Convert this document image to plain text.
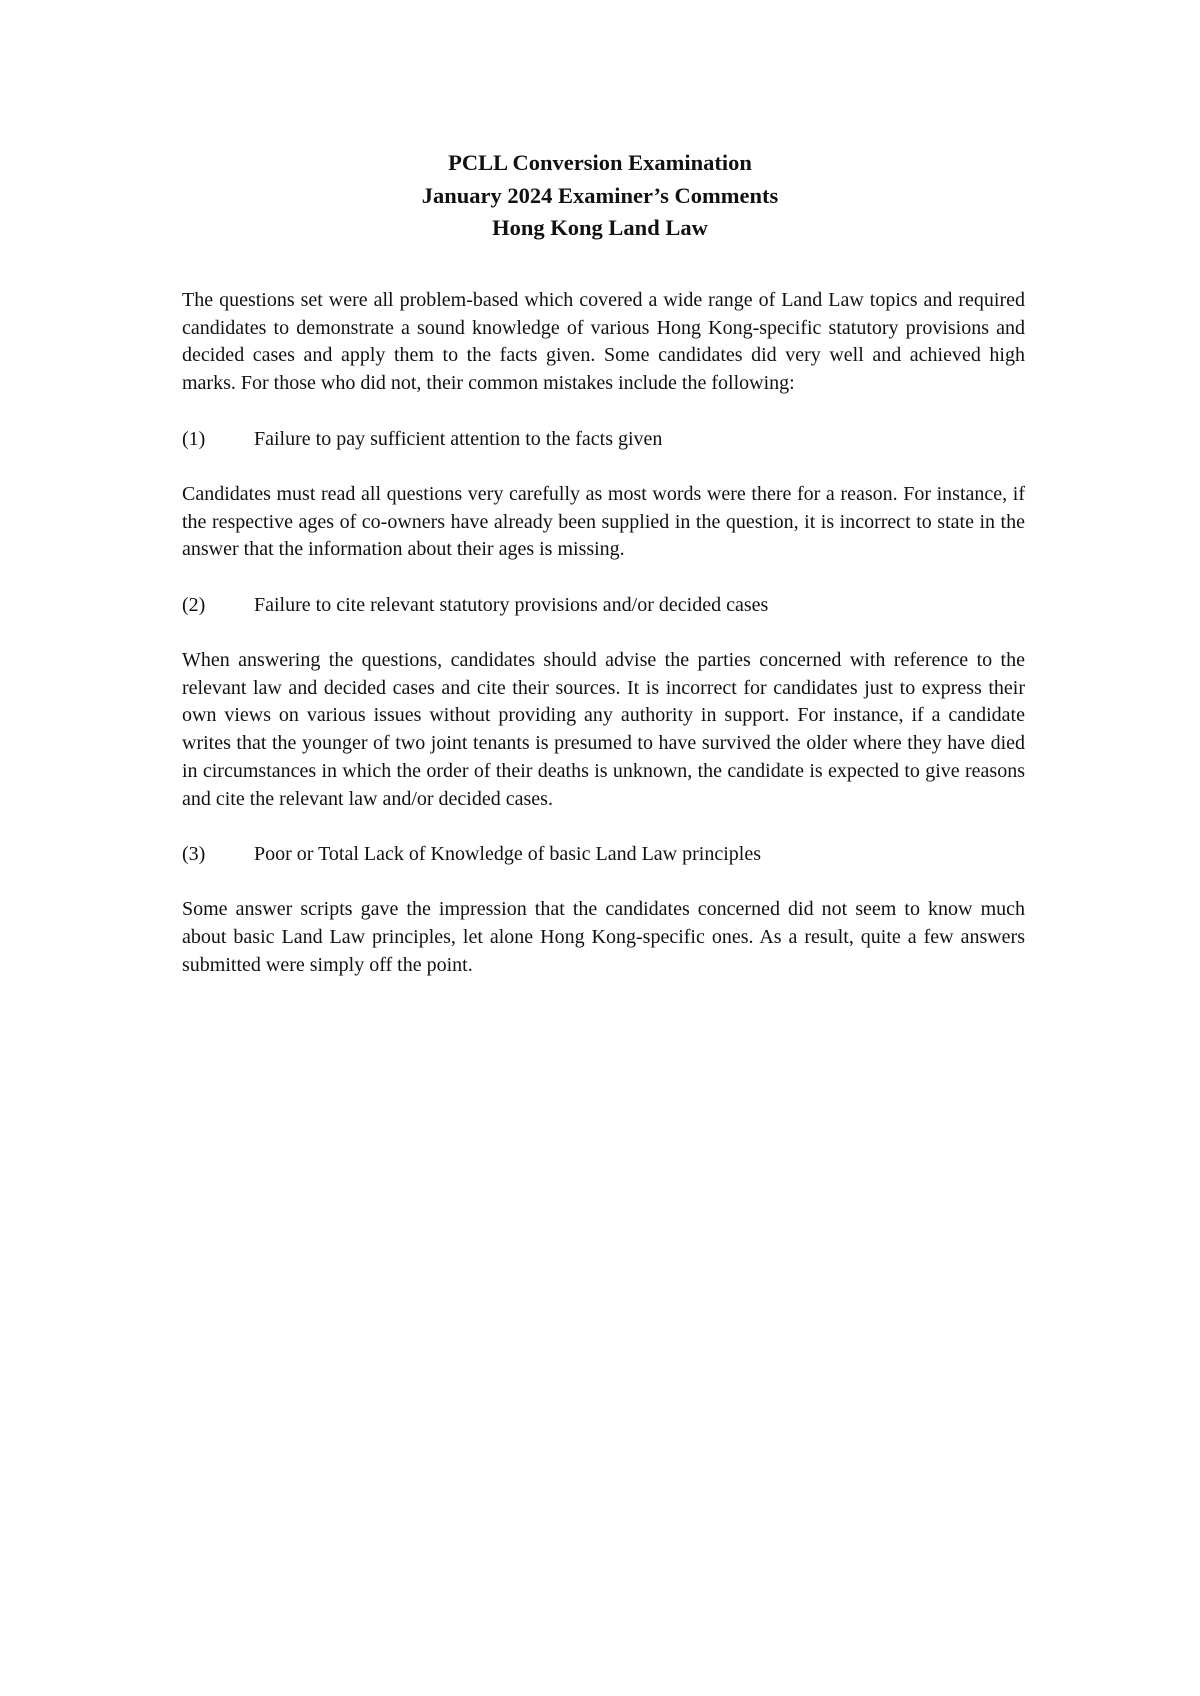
PCLL Conversion Examination
January 2024 Examiner’s Comments
Hong Kong Land Law

The questions set were all problem-based which covered a wide range of Land Law topics and required candidates to demonstrate a sound knowledge of various Hong Kong-specific statutory provisions and decided cases and apply them to the facts given. Some candidates did very well and achieved high marks. For those who did not, their common mistakes include the following:

(1) Failure to pay sufficient attention to the facts given

Candidates must read all questions very carefully as most words were there for a reason. For instance, if the respective ages of co-owners have already been supplied in the question, it is incorrect to state in the answer that the information about their ages is missing.

(2) Failure to cite relevant statutory provisions and/or decided cases

When answering the questions, candidates should advise the parties concerned with reference to the relevant law and decided cases and cite their sources. It is incorrect for candidates just to express their own views on various issues without providing any authority in support. For instance, if a candidate writes that the younger of two joint tenants is presumed to have survived the older where they have died in circumstances in which the order of their deaths is unknown, the candidate is expected to give reasons and cite the relevant law and/or decided cases.

(3) Poor or Total Lack of Knowledge of basic Land Law principles

Some answer scripts gave the impression that the candidates concerned did not seem to know much about basic Land Law principles, let alone Hong Kong-specific ones. As a result, quite a few answers submitted were simply off the point.
